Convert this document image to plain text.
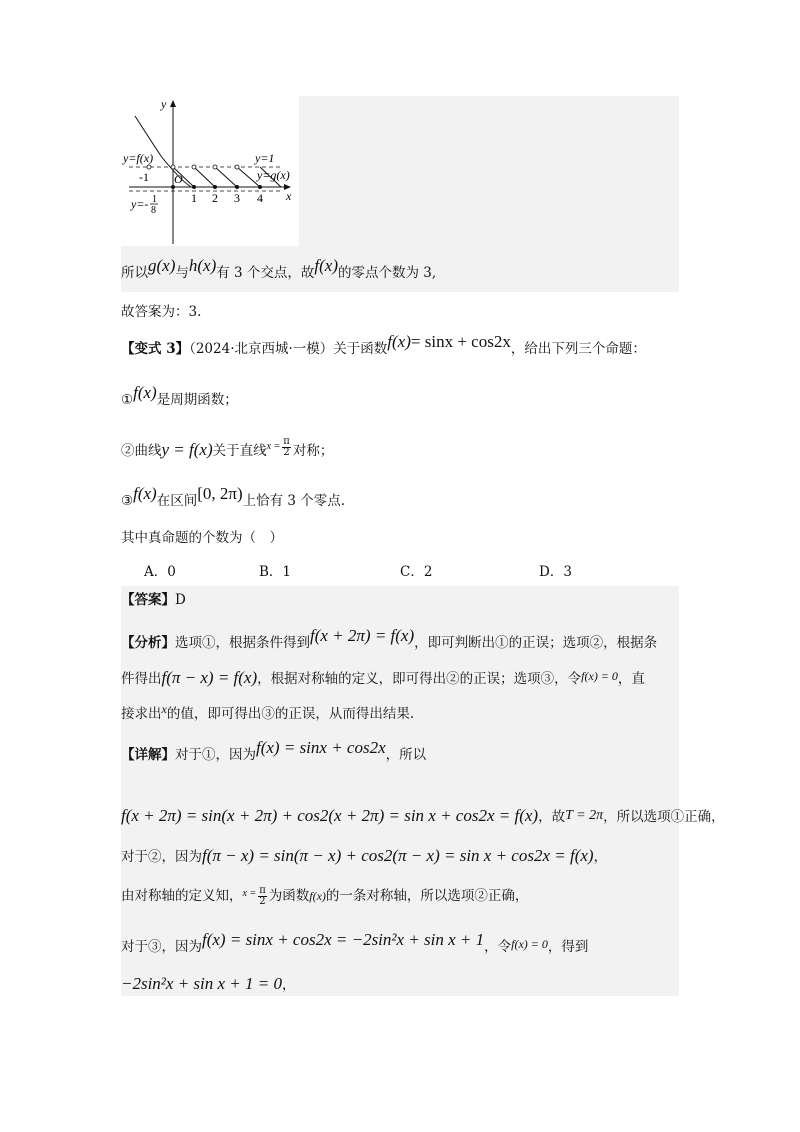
y
x
y=f(x)	y=1
y=g(x)
O
-1
y=- 1
8
1 2 3 4
所以g(x)与h(x)有 3 个交点，故f(x)的零点个数为 3,
故答案为：3.
【变式 3】（2024·北京西城·一模）关于函数f(x)= sinx + cos2x，给出下列三个命题：
①f(x)是周期函数；
②曲线y = f(x)关于直线$^{x =} \frac{\pi}{2}$ 对称；
③f(x)在区间[0, 2π)上恰有 3 个零点.
其中真命题的个数为（　）
A．0	B．1	C．2	D．3
【答案】D
【分析】选项①，根据条件得到f(x + 2π) = f(x)，即可判断出①的正误；选项②，根据条
件得出f(π − x) = f(x)，根据对称轴的定义，即可得出②的正误；选项③，令f(x) = 0，直
接求出x的值，即可得出③的正误，从而得出结果.
【详解】对于①，因为f(x) = sinx + cos2x，所以
f(x + 2π) = sin(x + 2π) + cos2(x + 2π) = sin x + cos2x = f(x)，故T = 2π，所以选项①正确，
对于②，因为f(π − x) = sin(π − x) + cos2(π − x) = sin x + cos2x = f(x)，
由对称轴的定义知，$^{x =} \frac{\pi}{2}$ 为函数f(x)的一条对称轴，所以选项②正确，
对于③，因为f(x) = sinx + cos2x = −2sin²x + sin x + 1，令f(x) = 0，得到
−2sin²x + sin x + 1 = 0，
